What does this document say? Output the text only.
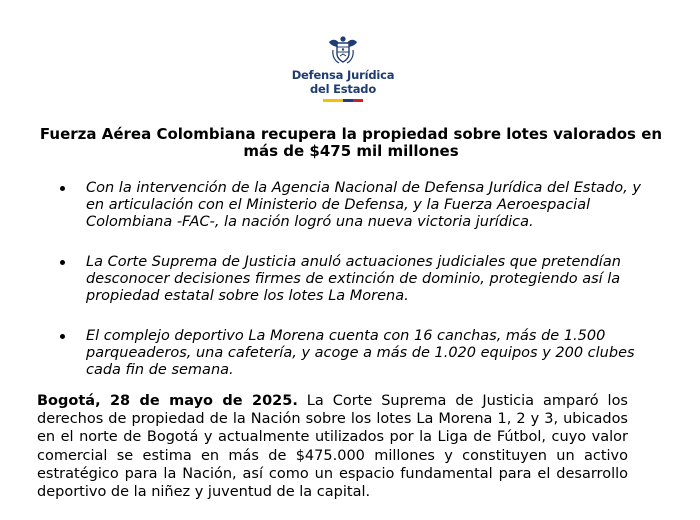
Defensa Jurídica
del Estado
Fuerza Aérea Colombiana recupera la propiedad sobre lotes valorados en más de $475 mil millones
Con la intervención de la Agencia Nacional de Defensa Jurídica del Estado, y en articulación con el Ministerio de Defensa, y la Fuerza Aeroespacial Colombiana -FAC-, la nación logró una nueva victoria jurídica.
La Corte Suprema de Justicia anuló actuaciones judiciales que pretendían desconocer decisiones firmes de extinción de dominio, protegiendo así la propiedad estatal sobre los lotes La Morena.
El complejo deportivo La Morena cuenta con 16 canchas, más de 1.500 parqueaderos, una cafetería, y acoge a más de 1.020 equipos y 200 clubes cada fin de semana.

Bogotá, 28 de mayo de 2025. La Corte Suprema de Justicia amparó los derechos de propiedad de la Nación sobre los lotes La Morena 1, 2 y 3, ubicados en el norte de Bogotá y actualmente utilizados por la Liga de Fútbol, cuyo valor comercial se estima en más de $475.000 millones y constituyen un activo estratégico para la Nación, así como un espacio fundamental para el desarrollo deportivo de la niñez y juventud de la capital.
